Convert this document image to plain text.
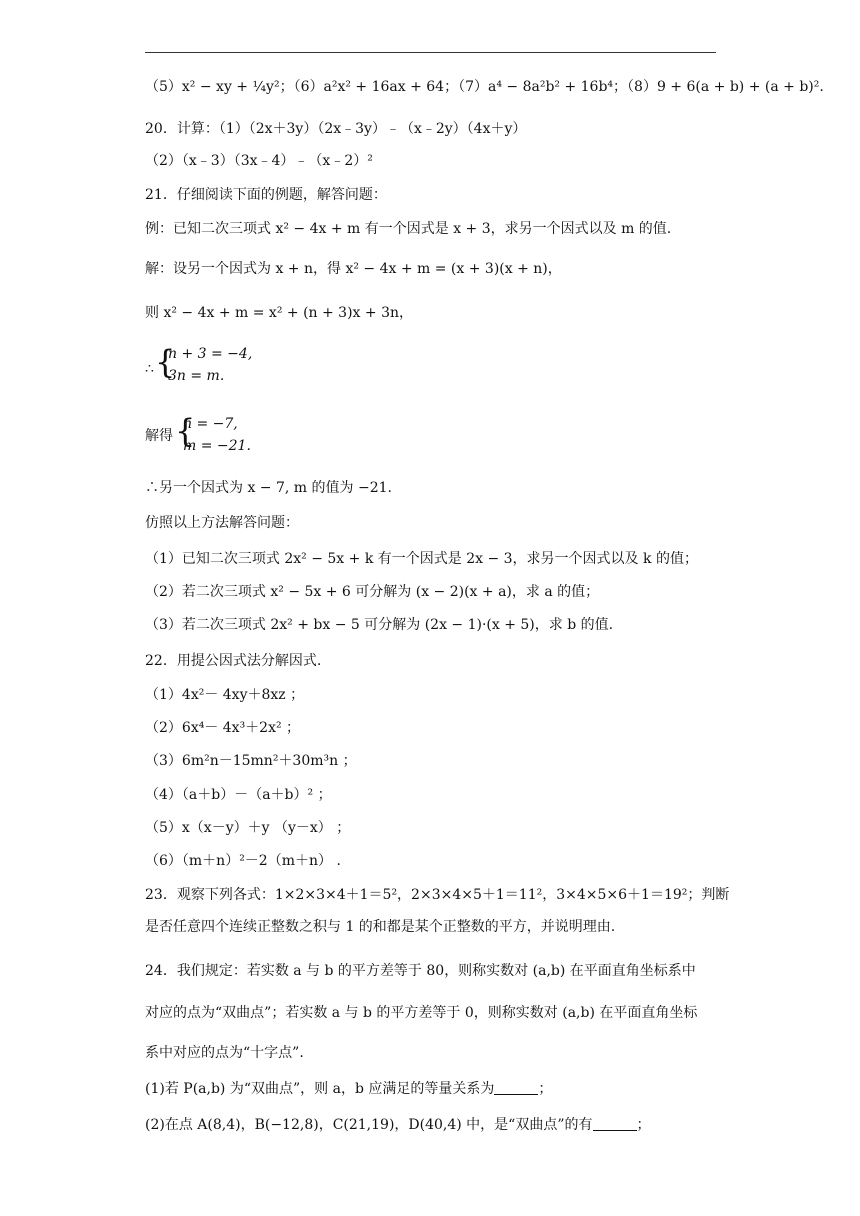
（5）x² − xy + ¼y²；（6）a²x² + 16ax + 64；（7）a⁴ − 8a²b² + 16b⁴；（8）9 + 6(a + b) + (a + b)².
20．计算：（1）（2x＋3y）（2x﹣3y）﹣（x﹣2y）（4x＋y）
（2）（x﹣3）（3x﹣4）﹣（x﹣2）²
21．仔细阅读下面的例题，解答问题：
例：已知二次三项式 x² − 4x + m 有一个因式是 x + 3，求另一个因式以及 m 的值.
解：设另一个因式为 x + n，得 x² − 4x + m = (x + 3)(x + n)，
则 x² − 4x + m = x² + (n + 3)x + 3n，
∴ {
n + 3 = −4,
3n = m.
解得 {
n = −7,
m = −21.
∴另一个因式为 x − 7, m 的值为 −21.
仿照以上方法解答问题：
（1）已知二次三项式 2x² − 5x + k 有一个因式是 2x − 3，求另一个因式以及 k 的值；
（2）若二次三项式 x² − 5x + 6 可分解为 (x − 2)(x + a)，求 a 的值；
（3）若二次三项式 2x² + bx − 5 可分解为 (2x − 1)·(x + 5)，求 b 的值.
22．用提公因式法分解因式.
（1）4x²－ 4xy＋8xz ；
（2）6x⁴－ 4x³＋2x² ；
（3）6m²n－15mn²＋30m³n ；
（4）（a＋b）－（a＋b）² ；
（5）x（x－y）＋y （y－x） ；
（6）（m＋n）²－2（m＋n） .
23．观察下列各式：1×2×3×4＋1＝5²，2×3×4×5＋1＝11²，3×4×5×6＋1＝19²；判断
是否任意四个连续正整数之积与 1 的和都是某个正整数的平方，并说明理由.
24．我们规定：若实数 a 与 b 的平方差等于 80，则称实数对 (a,b) 在平面直角坐标系中
对应的点为“双曲点”；若实数 a 与 b 的平方差等于 0，则称实数对 (a,b) 在平面直角坐标
系中对应的点为“十字点”.
(1)若 P(a,b) 为“双曲点”，则 a，b 应满足的等量关系为	；
(2)在点 A(8,4)，B(−12,8)，C(21,19)，D(40,4) 中，是“双曲点”的有	；
